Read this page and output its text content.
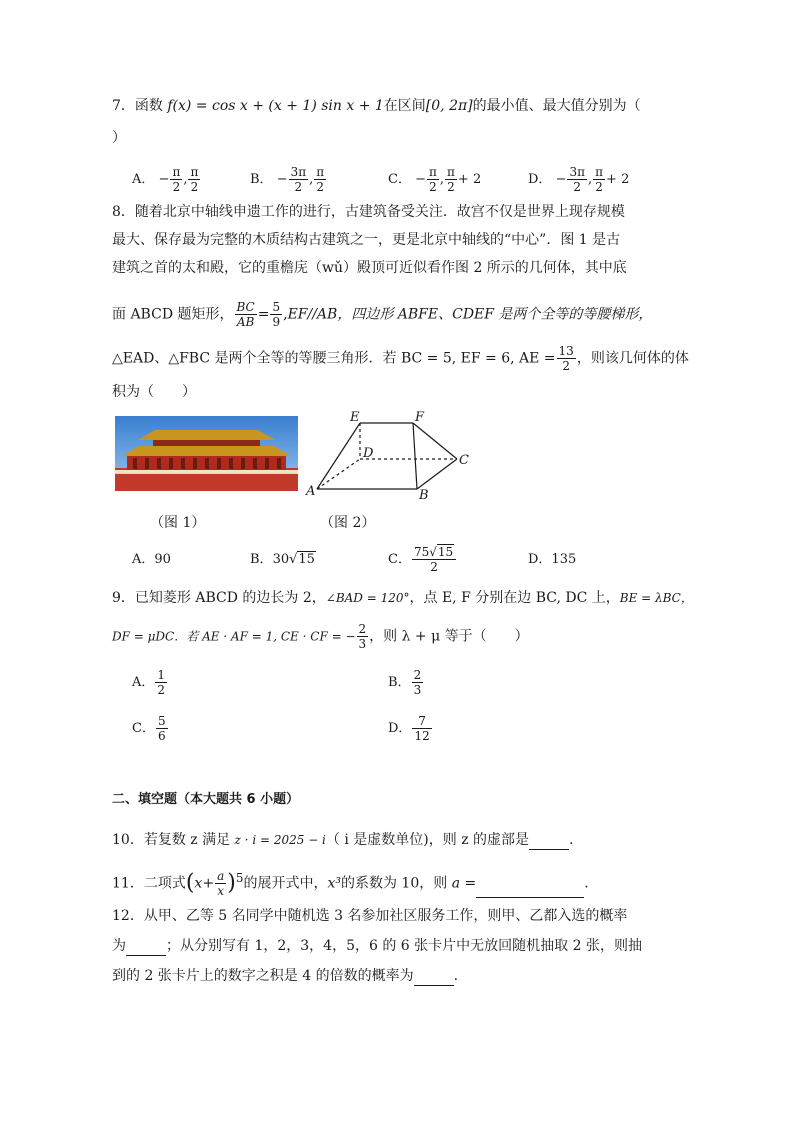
7．函数 f(x) = cos x + (x + 1) sin x + 1在区间[0, 2π]的最小值、最大值分别为（
）
A． − $\frac{\pi}{2}$ , $\frac{\pi}{2}$	B． − $\frac{3\pi}{2}$ , $\frac{\pi}{2}$	C． − $\frac{\pi}{2}$ , $\frac{\pi}{2} + 2$	D． − $\frac{3\pi}{2}$ , $\frac{\pi}{2} + 2$
8．随着北京中轴线申遗工作的进行，古建筑备受关注．故宫不仅是世界上现存规模
最大、保存最为完整的木质结构古建筑之一，更是北京中轴线的“中心”．图 1 是古
建筑之首的太和殿，它的重檐庑（wǔ）殿顶可近似看作图 2 所示的几何体，其中底
面 ABCD 题矩形， $\frac{BC}{AB} = \frac{5}{9} ,EF//AB$，四边形 ABFE、CDEF 是两个全等的等腰梯形，
△EAD、△FBC 是两个全等的等腰三角形．若 BC = 5, EF = 6, AE = $\frac{13}{2}$ ，则该几何体的体
积为（　　）
（图 1）
A	B
C
D
E	F
（图 2）
A．90	B．30√15	C． $\frac{75√15}{2}$	D．135
9．已知菱形 ABCD 的边长为 2，∠BAD = 120°，点 E, F 分别在边 BC, DC 上，BE = λBC，
DF = μDC．若 AE · AF = 1, CE · CF = − $\frac{2}{3}$ ，则 λ + μ 等于（　　）
A． $\frac{1}{2}$	B． $\frac{2}{3}$
C． $\frac{5}{6}$	D． $\frac{7}{12}$
二、填空题（本大题共 6 小题）
10．若复数 z 满足 z · i = 2025 − i（ i 是虚数单位)，则 z 的虚部是	.
11．二项式$(x+ \frac{a}{x} )^5$的展开式中，x³的系数为 10，则 a =	.
12．从甲、乙等 5 名同学中随机选 3 名参加社区服务工作，则甲、乙都入选的概率
为	；从分别写有 1，2，3，4，5，6 的 6 张卡片中无放回随机抽取 2 张，则抽
到的 2 张卡片上的数字之积是 4 的倍数的概率为	.
